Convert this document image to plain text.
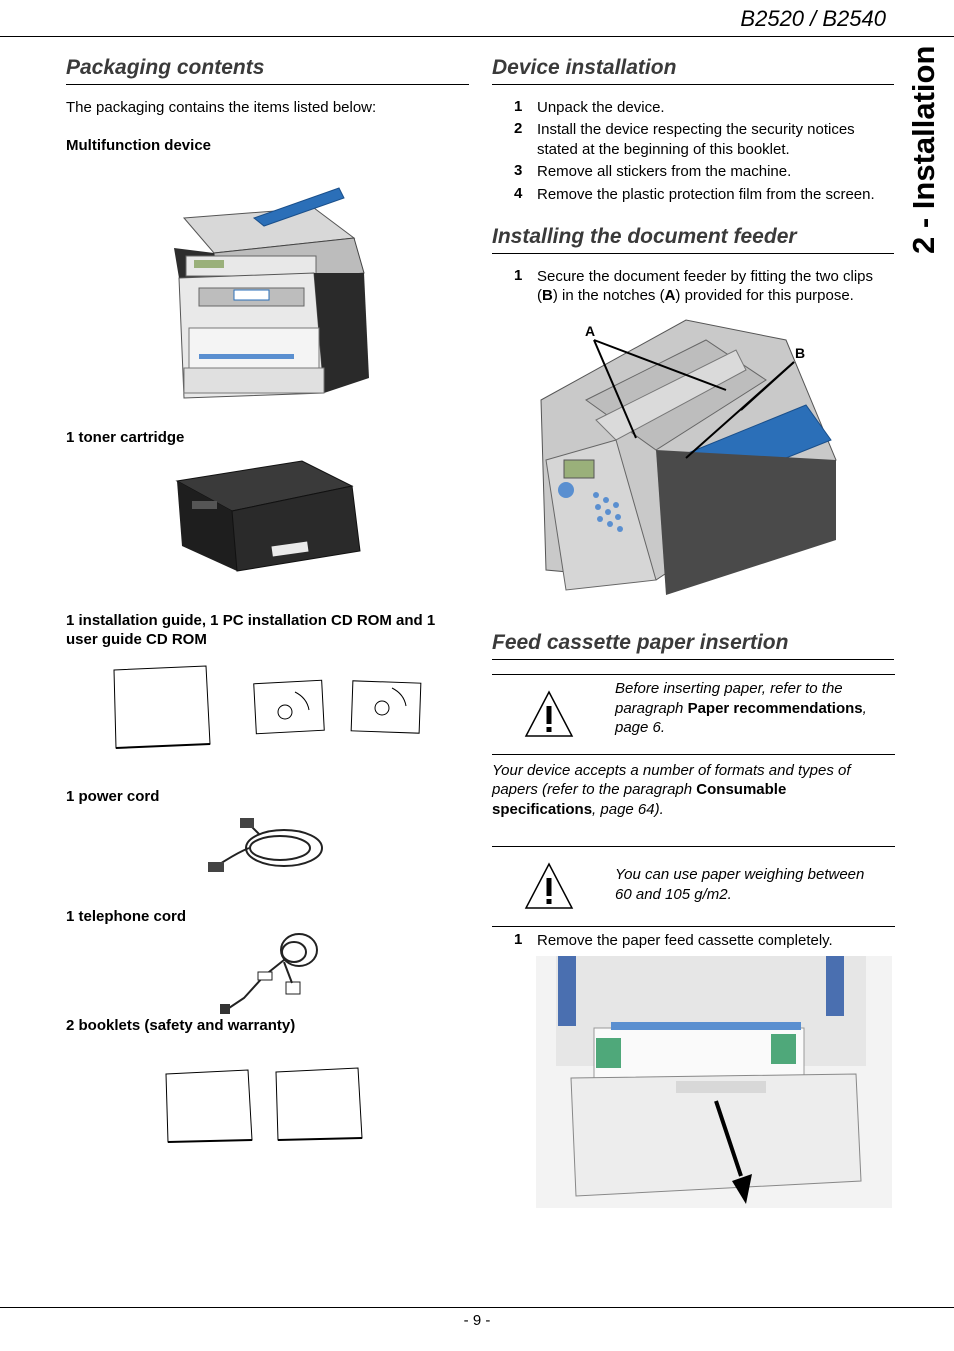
B2520 / B2540
2 - Installation
Packaging contents
The packaging contains the items listed below:
Multifunction device
1 toner cartridge
1 installation guide, 1 PC installation CD ROM and 1
user guide CD ROM
1 power cord
1 telephone cord
2 booklets (safety and warranty)
Device installation
1 Unpack the device.
2 Install the device respecting the security notices
stated at the beginning of this booklet.
3 Remove all stickers from the machine.
4 Remove the plastic protection film from the screen.
Installing the document feeder
1 Secure the document feeder by fitting the two clips
(B) in the notches (A) provided for this purpose.
A
B
Feed cassette paper insertion
Before inserting paper, refer to the
paragraph Paper recommendations,
page 6.
Your device accepts a number of formats and types of
papers (refer to the paragraph Consumable
specifications, page 64).
You can use paper weighing between
60 and 105 g/m2.
1 Remove the paper feed cassette completely.
- 9 -
